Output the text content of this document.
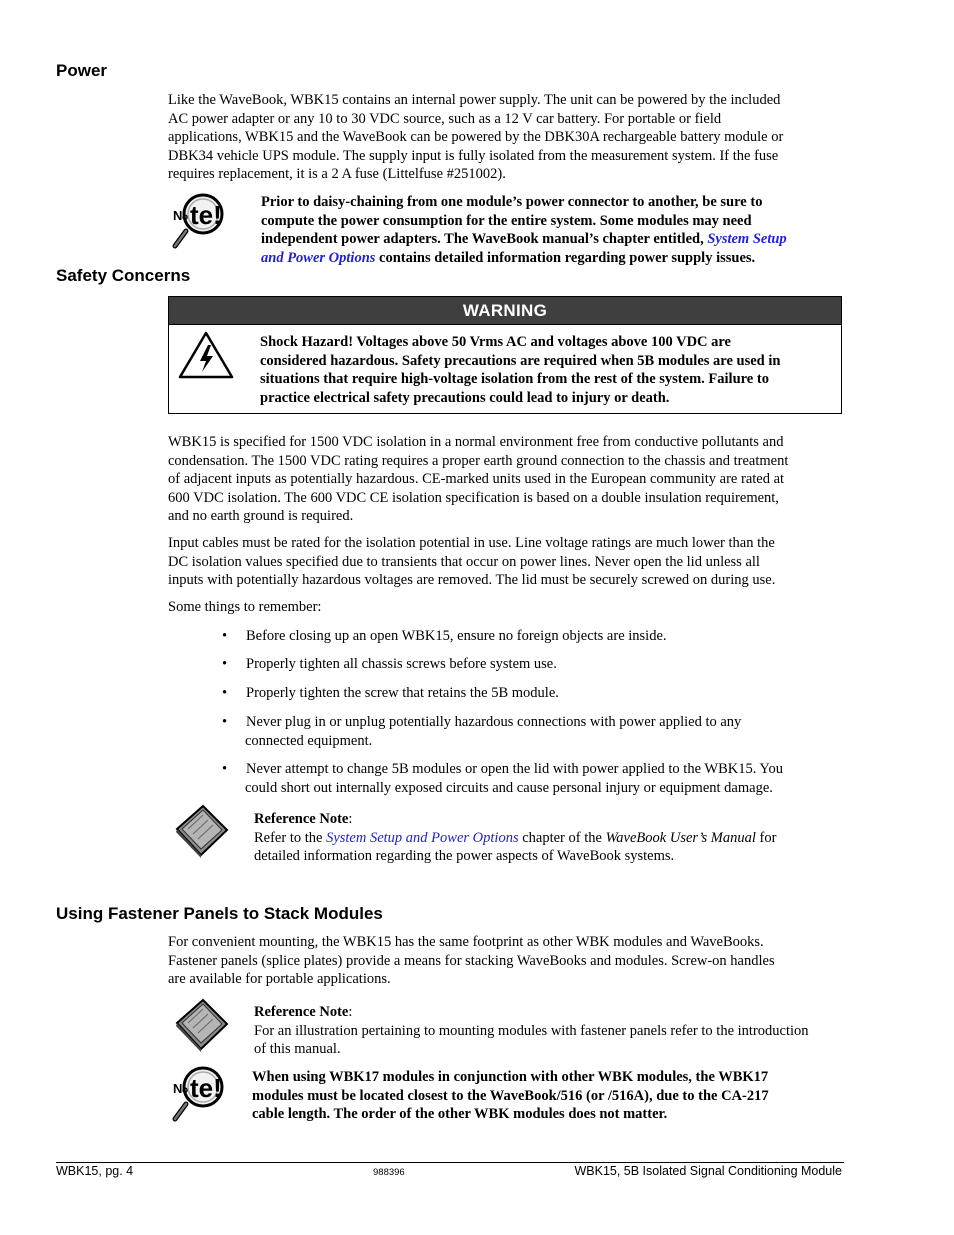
Power
Like the WaveBook, WBK15 contains an internal power supply. The unit can be powered by the included
AC power adapter or any 10 to 30 VDC source, such as a 12 V car battery. For portable or field
applications, WBK15 and the WaveBook can be powered by the DBK30A rechargeable battery module or
DBK34 vehicle UPS module. The supply input is fully isolated from the measurement system. If the fuse
requires replacement, it is a 2 A fuse (Littelfuse #251002).
N o te!	Prior to daisy-chaining from one module’s power connector to another, be sure to
compute the power consumption for the entire system. Some modules may need
independent power adapters. The WaveBook manual’s chapter entitled, System Setup
and Power Options contains detailed information regarding power supply issues.
Safety Concerns
WARNING
Shock Hazard! Voltages above 50 Vrms AC and voltages above 100 VDC are
considered hazardous. Safety precautions are required when 5B modules are used in
situations that require high-voltage isolation from the rest of the system. Failure to
practice electrical safety precautions could lead to injury or death.
WBK15 is specified for 1500 VDC isolation in a normal environment free from conductive pollutants and
condensation. The 1500 VDC rating requires a proper earth ground connection to the chassis and treatment
of adjacent inputs as potentially hazardous. CE-marked units used in the European community are rated at
600 VDC isolation. The 600 VDC CE isolation specification is based on a double insulation requirement,
and no earth ground is required.
Input cables must be rated for the isolation potential in use. Line voltage ratings are much lower than the
DC isolation values specified due to transients that occur on power lines. Never open the lid unless all
inputs with potentially hazardous voltages are removed. The lid must be securely screwed on during use.
Some things to remember:
• Before closing up an open WBK15, ensure no foreign objects are inside.
• Properly tighten all chassis screws before system use.
• Properly tighten the screw that retains the 5B module.
• Never plug in or unplug potentially hazardous connections with power applied to any
connected equipment.
• Never attempt to change 5B modules or open the lid with power applied to the WBK15. You
could short out internally exposed circuits and cause personal injury or equipment damage.
Reference Note:
Refer to the System Setup and Power Options chapter of the WaveBook User’s Manual for
detailed information regarding the power aspects of WaveBook systems.
Using Fastener Panels to Stack Modules
For convenient mounting, the WBK15 has the same footprint as other WBK modules and WaveBooks.
Fastener panels (splice plates) provide a means for stacking WaveBooks and modules. Screw-on handles
are available for portable applications.
Reference Note:
For an illustration pertaining to mounting modules with fastener panels refer to the introduction
of this manual.
N o te! When using WBK17 modules in conjunction with other WBK modules, the WBK17
modules must be located closest to the WaveBook/516 (or /516A), due to the CA-217
cable length. The order of the other WBK modules does not matter.
WBK15, pg. 4	988396	WBK15, 5B Isolated Signal Conditioning Module
